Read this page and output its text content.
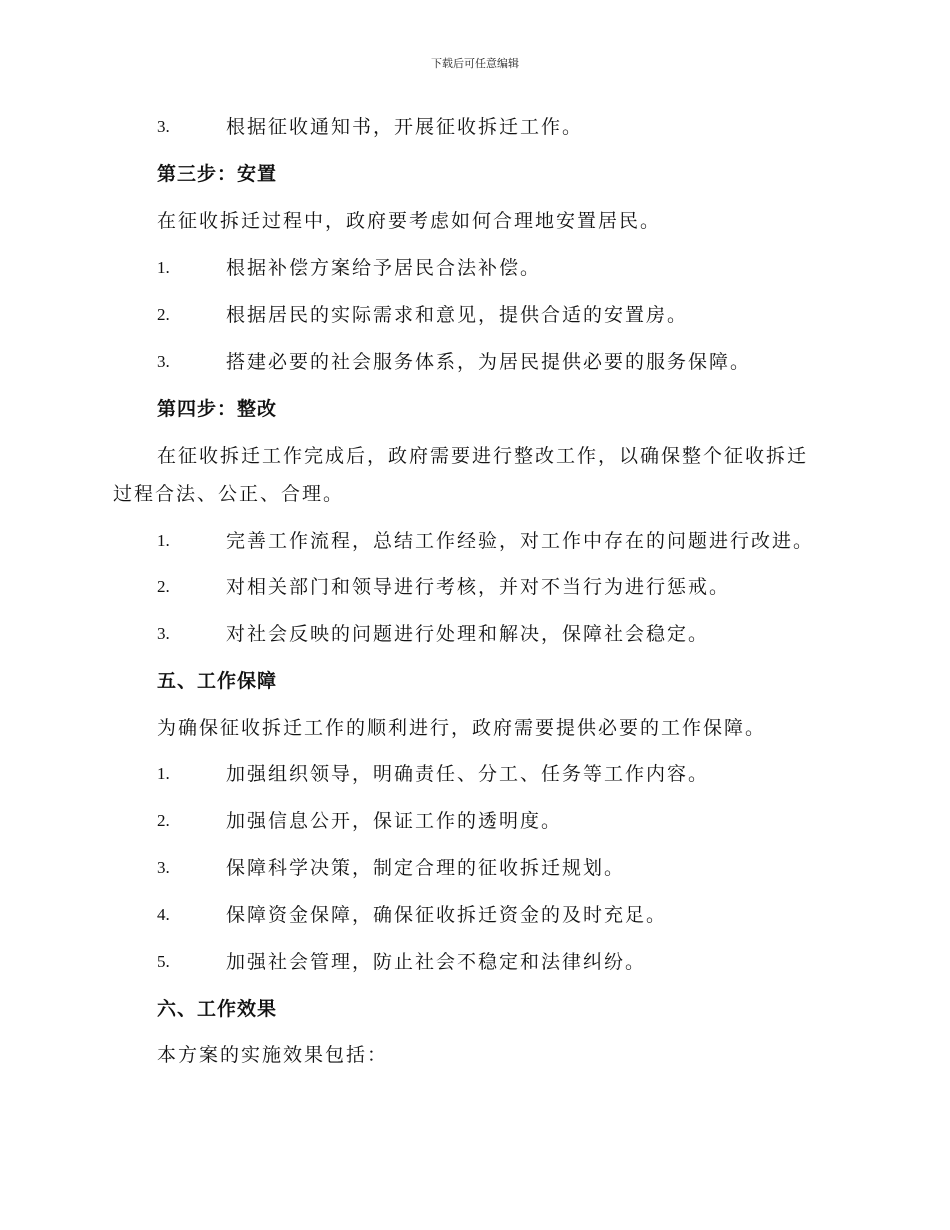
下载后可任意编辑
3.	根据征收通知书，开展征收拆迁工作。
第三步：安置
在征收拆迁过程中，政府要考虑如何合理地安置居民。
1.	根据补偿方案给予居民合法补偿。
2.	根据居民的实际需求和意见，提供合适的安置房。
3.	搭建必要的社会服务体系，为居民提供必要的服务保障。
第四步：整改
在征收拆迁工作完成后，政府需要进行整改工作，以确保整个征收拆迁
过程合法、公正、合理。
1.	完善工作流程，总结工作经验，对工作中存在的问题进行改进。
2.	对相关部门和领导进行考核，并对不当行为进行惩戒。
3.	对社会反映的问题进行处理和解决，保障社会稳定。
五、工作保障
为确保征收拆迁工作的顺利进行，政府需要提供必要的工作保障。
1.	加强组织领导，明确责任、分工、任务等工作内容。
2.	加强信息公开，保证工作的透明度。
3.	保障科学决策，制定合理的征收拆迁规划。
4.	保障资金保障，确保征收拆迁资金的及时充足。
5.	加强社会管理，防止社会不稳定和法律纠纷。
六、工作效果
本方案的实施效果包括：
